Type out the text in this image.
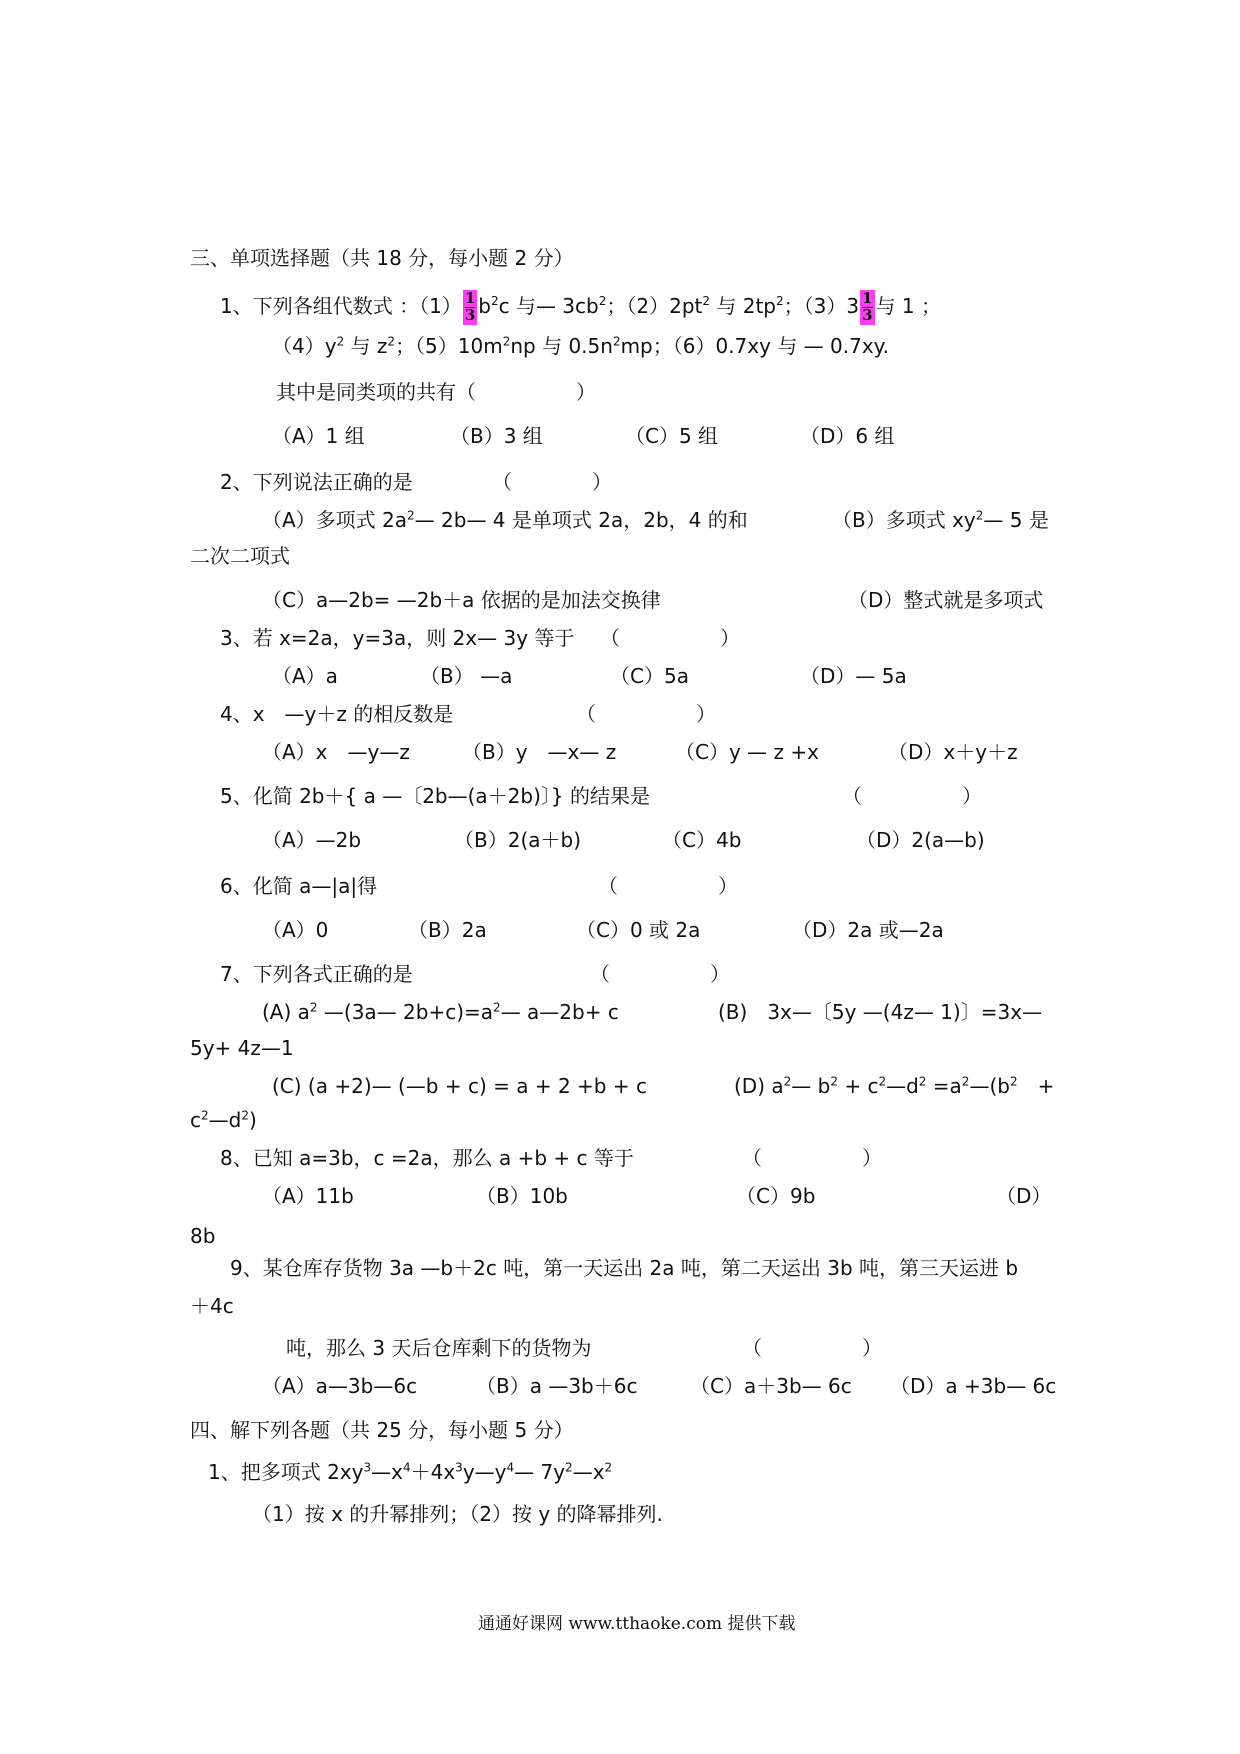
三、单项选择题（共 18 分，每小题 2 分）
1、下列各组代数式 ：$(1) \frac{1}{3} b^2c$ 与— $3cb^2$；$(2)2pt^2$ 与 $2tp^2$；$(3)3 \frac{1}{3}$ 与 1 ；
$(4)y^2$ 与 $z^2$；$(5)10m^2np$ 与 $0.5n^2mp$；（6）0.7xy 与 — 0.7xy.
其中是同类项的共有（　　　　　）
（A）1 组	（B）3 组	（C）5 组	（D）6 组
2、下列说法正确的是	（　　　　）
（A）多项式 $2a^2—$ 2b— 4 是单项式 2a，2b，4 的和	（B）多项式 $xy^2—$ 5 是
二次二项式
（C）a—2b= —2b＋a 依据的是加法交换律	（D）整式就是多项式
3、若 x=2a，y=3a，则 2x— 3y 等于 （　　　　　）
（A）a	（B） —a	（C）5a	（D）— 5a
4、x　—y＋z 的相反数是	（　　　　　）
（A）x　—y—z	（B）y　—x— z	（C）y — z +x	（D）x＋y＋z
5、化简 2b＋{ a —〔2b—(a＋2b)〕} 的结果是	（　　　　　）
（A）—2b	（B）2(a＋b)	（C）4b	（D）2(a—b)
6、化简 a—|a|得	（　　　　　）
（A）0	（B）2a	（C）0 或 2a	（D）2a 或—2a
7、下列各式正确的是	（　　　　　）
(A) $a^2$ —(3a— $2b+c)=a^2—$ a—2b+ c	(B)　3x—〔5y —(4z— 1)〕=3x—
5y+ 4z—1
(C) (a +2)— (—b + c) = a + 2 +b + c	(D) $a^2—$ $b^2$ + $c^2—d^2$ $=a^2—(b^2$　+
$c^2—d^2$)
8、已知 a=3b，c =2a，那么 a +b + c 等于	（　　　　　）
（A）11b	（B）10b	（C）9b	（D）
8b
9、某仓库存货物 3a —b＋2c 吨，第一天运出 2a 吨，第二天运出 3b 吨，第三天运进 b
＋4c
吨，那么 3 天后仓库剩下的货物为	（　　　　　）
（A）a—3b—6c	（B）a —3b＋6c	（C）a＋3b— 6c （D）a +3b— 6c
四、解下列各题（共 25 分，每小题 5 分）
1、把多项式 $2xy^3—x^4+4x^3y—y^4—$ $7y^2—x^2$
（1）按 x 的升幂排列；（2）按 y 的降幂排列.
通通好课网 www.tthaoke.com 提供下载
